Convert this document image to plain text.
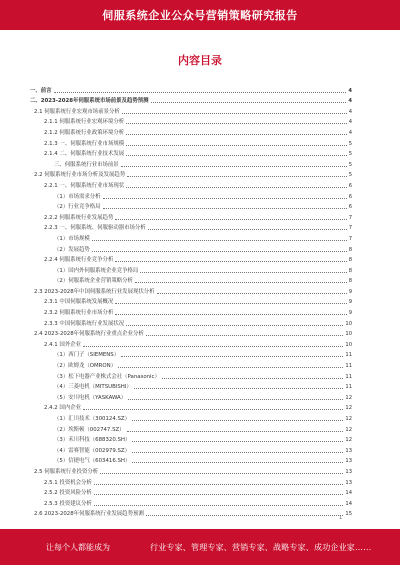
伺服系统企业公众号营销策略研究报告
内容目录
一、前言	4
二、2023-2028年伺服系统市场前景及趋势预测	4
2.1 伺服系统行业宏观市场前景分析	4
2.1.1 伺服系统行业宏观环境分析	4
2.1.2 伺服系统行业政策环境分析	4
2.1.3 一、伺服系统行业市场规模	5
2.1.4 二、伺服系统行业技术发展	5
三、伺服系统行业市场前景	5
2.2 伺服系统行业市场分析及发展趋势	5
2.2.1 一、伺服系统行业市场现状	6
（1）市场需求分析	6
（2）行业竞争格局	6
2.2.2 伺服系统行业发展趋势	7
2.2.3 一、伺服系统、伺服驱动器市场分析	7
（1）市场规模	7
（2）发展趋势	8
2.2.4 伺服系统行业竞争分析	8
（1）国内外伺服系统企业竞争格局	8
（2）伺服系统企业营销策略分析	8
2.3 2023-2028年中国伺服系统行业发展现状分析	9
2.3.1 中国伺服系统发展概况	9
2.3.2 伺服系统行业市场分析	9
2.3.3 中国伺服系统行业发展状况	10
2.4 2023-2028年伺服系统行业重点企业分析	10
2.4.1 国外企业	10
（1）西门子（SIEMENS）	11
（2）欧姆龙（OMRON）	11
（3）松下电器产业株式会社（Panasonic）	11
（4）三菱电机（MITSUBISHI）	11
（5）安川电机（YASKAWA）	12
2.4.2 国内企业	12
（1）汇川技术（300124.SZ）	12
（2）埃斯顿（002747.SZ）	12
（3）禾川科技（688320.SH）	12
（4）雷赛智能（002979.SZ）	13
（5）信捷电气（603416.SH）	13
2.5 伺服系统行业投资分析	13
2.5.1 投资机会分析	13
2.5.2 投资风险分析	14
2.5.3 投资建议分析	14
2.6 2023-2028年伺服系统行业发展趋势预测	15
1
让每个人都能成为	行业专家、管理专家、营销专家、战略专家、成功企业家……
